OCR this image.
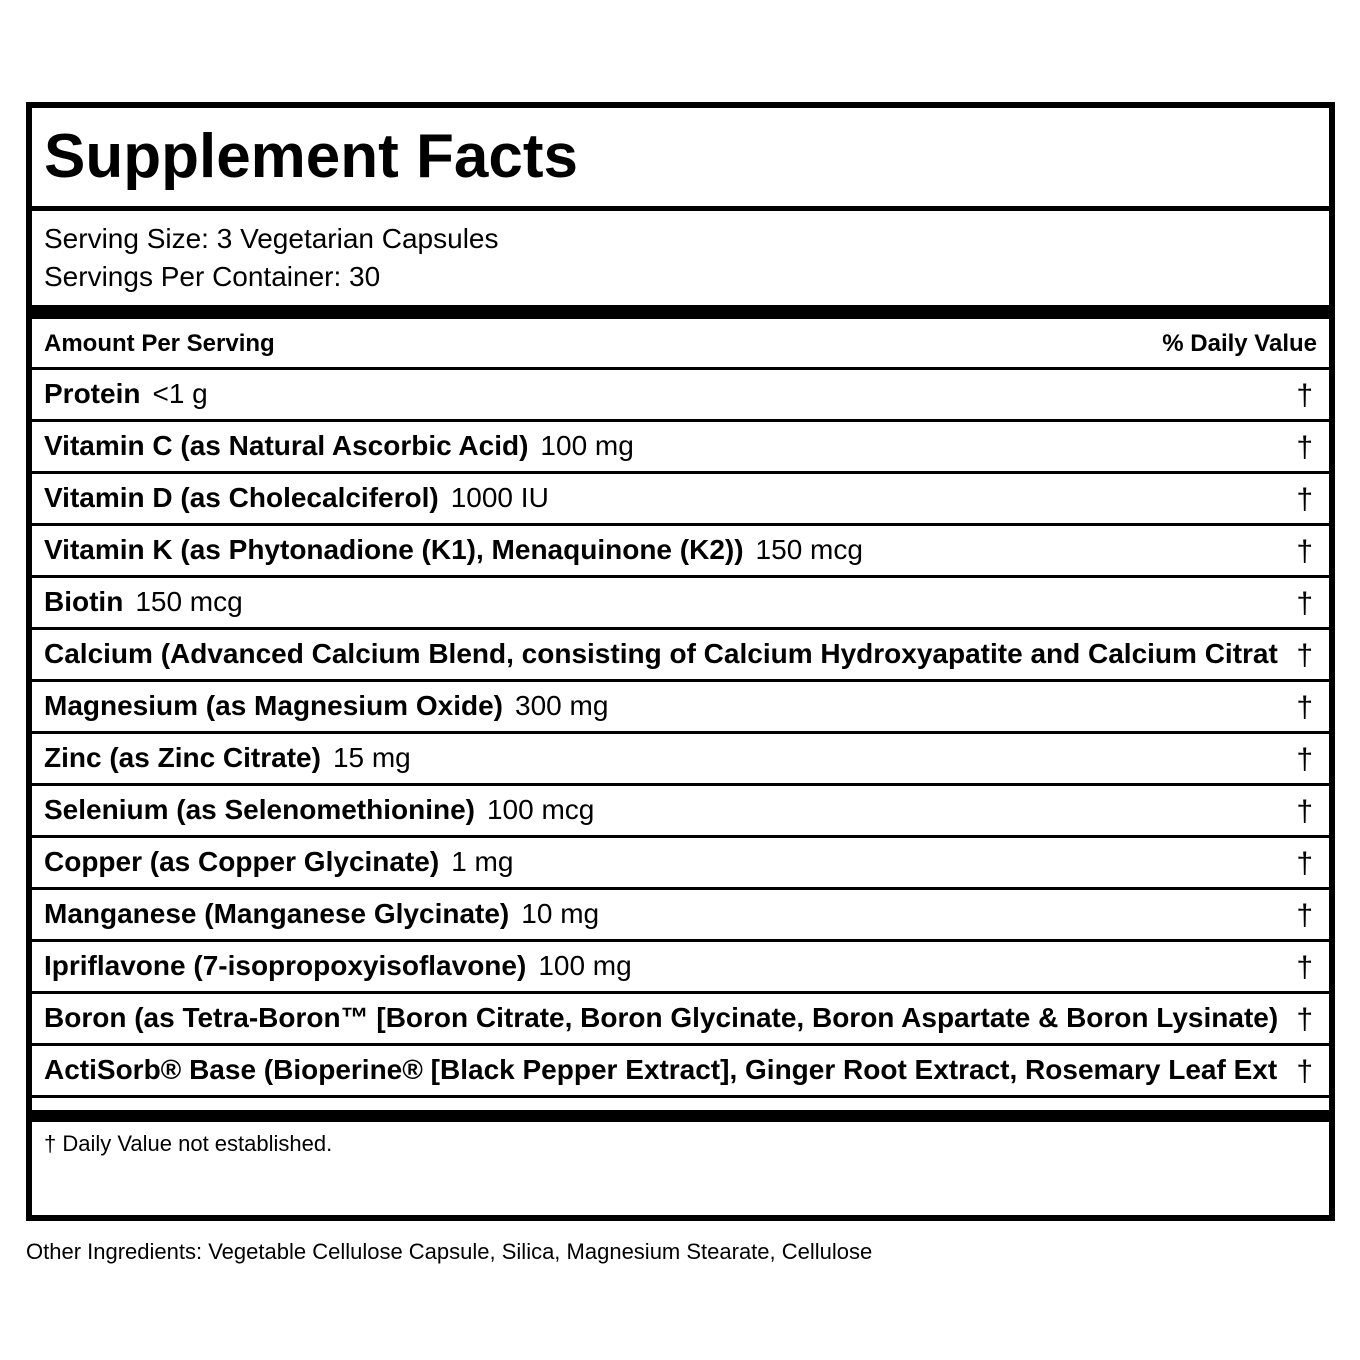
Supplement Facts
Serving Size: 3 Vegetarian Capsules
Servings Per Container: 30
Amount Per Serving	% Daily Value
Protein <1 g	†
Vitamin C (as Natural Ascorbic Acid) 100 mg	†
Vitamin D (as Cholecalciferol) 1000 IU	†
Vitamin K (as Phytonadione (K1), Menaquinone (K2)) 150 mcg	†
Biotin 150 mcg	†
Calcium (Advanced Calcium Blend, consisting of Calcium Hydroxyapatite and Calcium Citrat †
Magnesium (as Magnesium Oxide) 300 mg	†
Zinc (as Zinc Citrate) 15 mg	†
Selenium (as Selenomethionine) 100 mcg	†
Copper (as Copper Glycinate) 1 mg	†
Manganese (Manganese Glycinate) 10 mg	†
Ipriflavone (7-isopropoxyisoflavone) 100 mg	†
Boron (as Tetra-Boron™ [Boron Citrate, Boron Glycinate, Boron Aspartate & Boron Lysinate) †
ActiSorb® Base (Bioperine® [Black Pepper Extract], Ginger Root Extract, Rosemary Leaf Ext †
† Daily Value not established.
Other Ingredients: Vegetable Cellulose Capsule, Silica, Magnesium Stearate, Cellulose
